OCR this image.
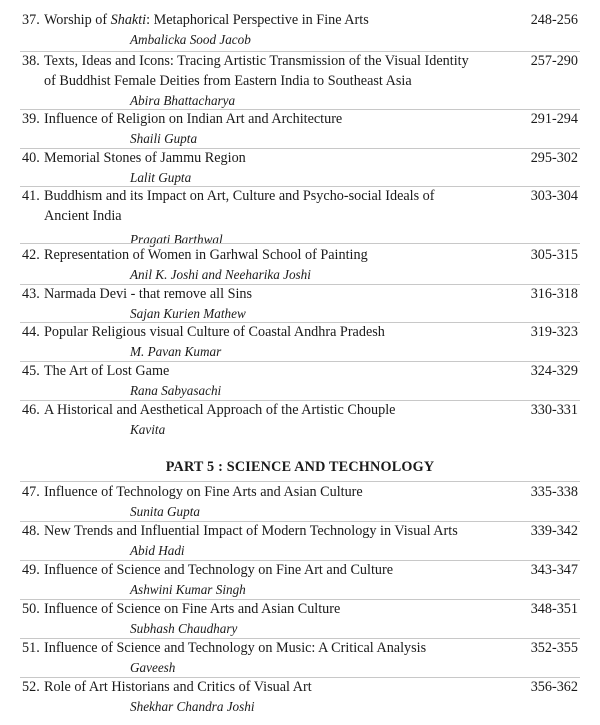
37. Worship of Shakti: Metaphorical Perspective in Fine Arts	248-256
Ambalicka Sood Jacob
38. Texts, Ideas and Icons: Tracing Artistic Transmission of the Visual Identity	257-290
of Buddhist Female Deities from Eastern India to Southeast Asia
Abira Bhattacharya
39. Influence of Religion on Indian Art and Architecture	291-294
Shaili Gupta
40. Memorial Stones of Jammu Region	295-302
Lalit Gupta
41. Buddhism and its Impact on Art, Culture and Psycho-social Ideals of	303-304
Ancient India
Pragati Barthwal
42. Representation of Women in Garhwal School of Painting	305-315
Anil K. Joshi and Neeharika Joshi
43. Narmada Devi - that remove all Sins	316-318
Sajan Kurien Mathew
44. Popular Religious visual Culture of Coastal Andhra Pradesh	319-323
M. Pavan Kumar
45. The Art of Lost Game	324-329
Rana Sabyasachi
46. A Historical and Aesthetical Approach of the Artistic Chouple	330-331
Kavita
PART 5 : SCIENCE AND TECHNOLOGY
47. Influence of Technology on Fine Arts and Asian Culture	335-338
Sunita Gupta
48. New Trends and Influential Impact of Modern Technology in Visual Arts	339-342
Abid Hadi
49. Influence of Science and Technology on Fine Art and Culture	343-347
Ashwini Kumar Singh
50. Influence of Science on Fine Arts and Asian Culture	348-351
Subhash Chaudhary
51. Influence of Science and Technology on Music: A Critical Analysis	352-355
Gaveesh
52. Role of Art Historians and Critics of Visual Art	356-362
Shekhar Chandra Joshi
